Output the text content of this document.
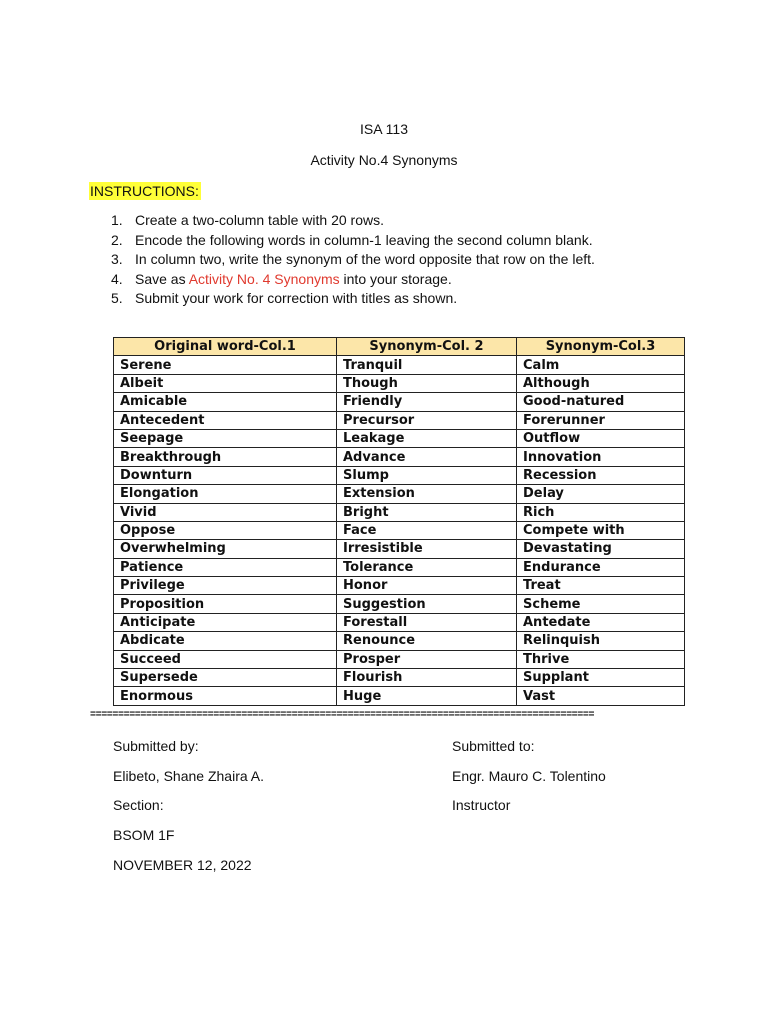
ISA 113
Activity No.4 Synonyms
INSTRUCTIONS:
1. Create a two-column table with 20 rows.
2. Encode the following words in column-1 leaving the second column blank.
3. In column two, write the synonym of the word opposite that row on the left.
4. Save as Activity No. 4 Synonyms into your storage.
5. Submit your work for correction with titles as shown.
Original word-Col.1	Synonym-Col. 2	Synonym-Col.3
Serene	Tranquil	Calm
Albeit	Though	Although
Amicable	Friendly	Good-natured
Antecedent	Precursor	Forerunner
Seepage	Leakage	Outflow
Breakthrough	Advance	Innovation
Downturn	Slump	Recession
Elongation	Extension	Delay
Vivid	Bright	Rich
Oppose	Face	Compete with
Overwhelming	Irresistible	Devastating
Patience	Tolerance	Endurance
Privilege	Honor	Treat
Proposition	Suggestion	Scheme
Anticipate	Forestall	Antedate
Abdicate	Renounce	Relinquish
Succeed	Prosper	Thrive
Supersede	Flourish	Supplant
Enormous	Huge	Vast
==========================================================================================
Submitted by:
Elibeto, Shane Zhaira A.
Section:
BSOM 1F
NOVEMBER 12, 2022
Submitted to:
Engr. Mauro C. Tolentino
Instructor
